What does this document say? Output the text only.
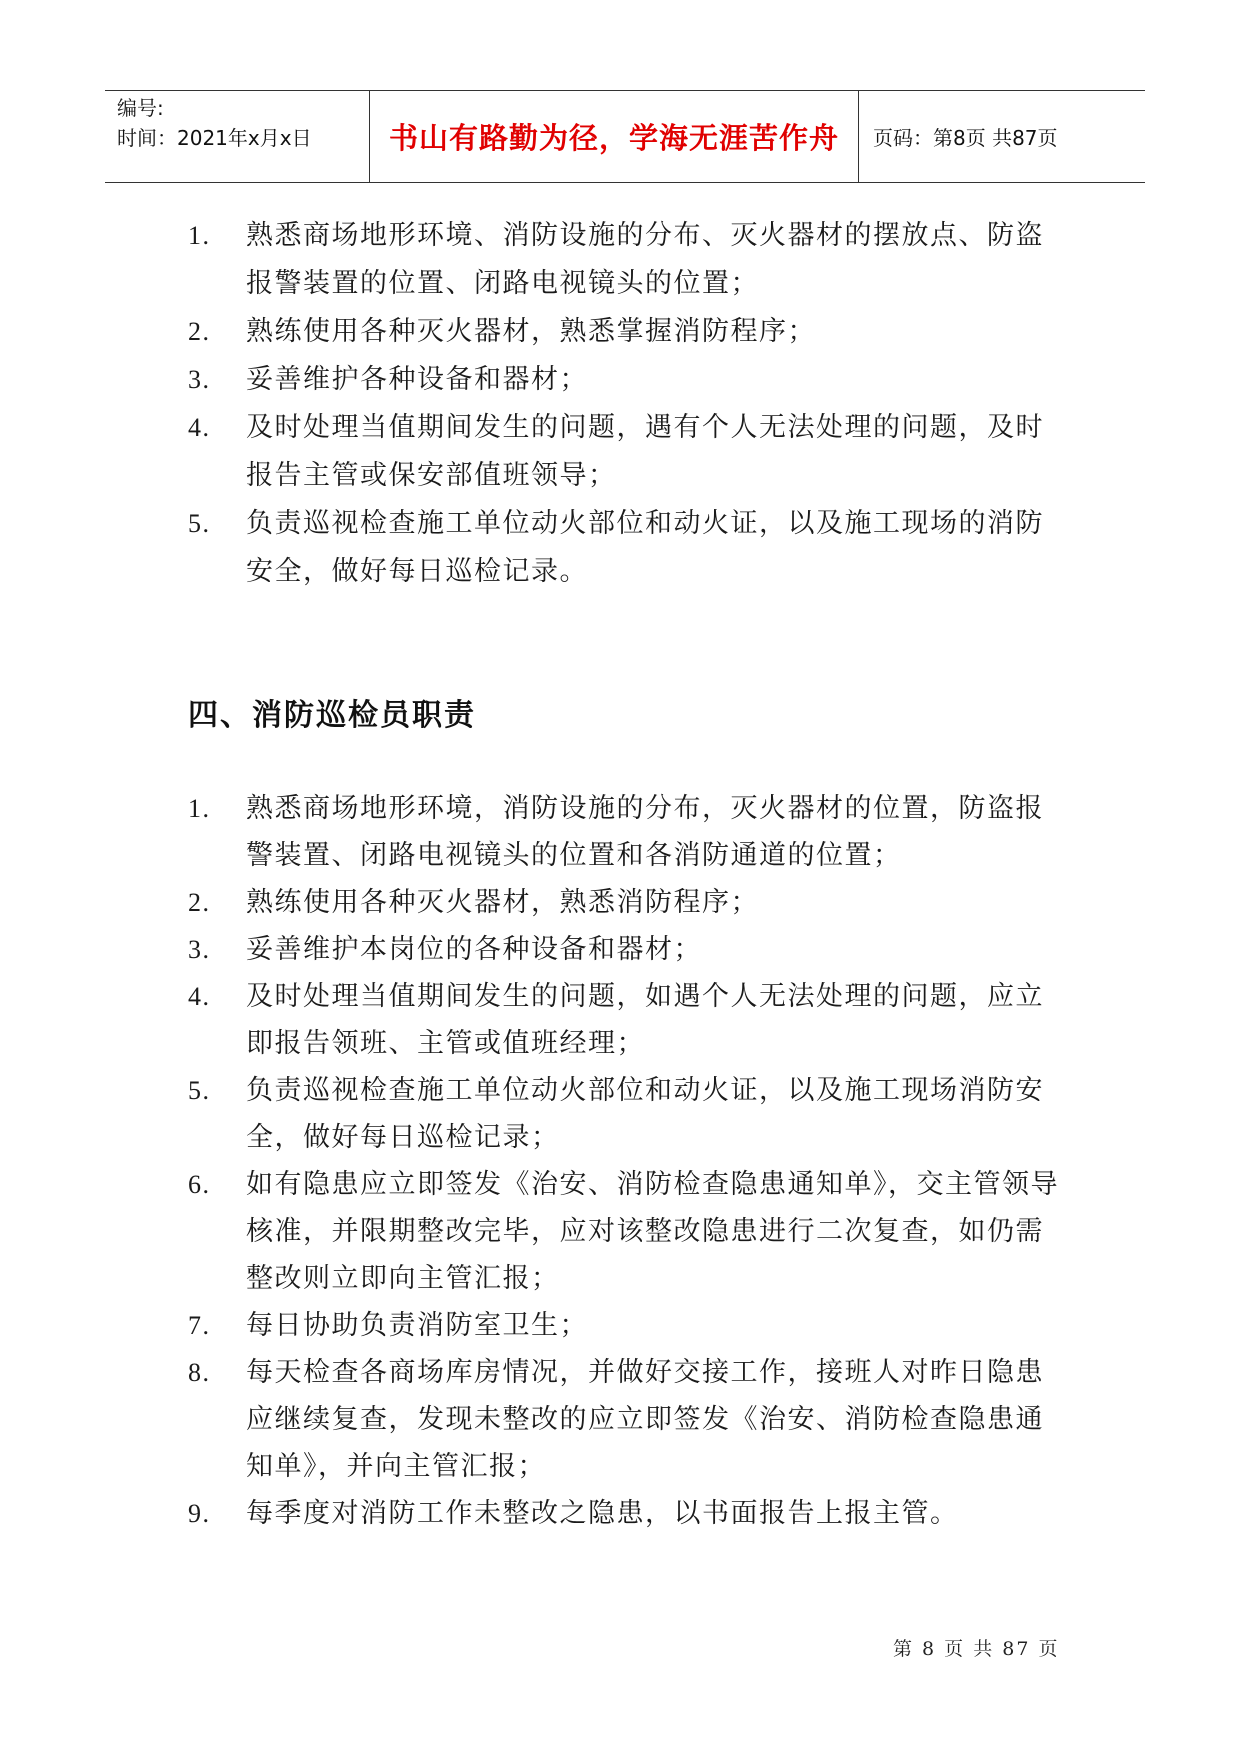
编号:
时间：2021年x月x日	书山有路勤为径，学海无涯苦作舟	页码：第8页 共87页
1. 熟悉商场地形环境、消防设施的分布、灭火器材的摆放点、防盗报警装置的位置、闭路电视镜头的位置；
2. 熟练使用各种灭火器材，熟悉掌握消防程序；
3. 妥善维护各种设备和器材；
4. 及时处理当值期间发生的问题，遇有个人无法处理的问题，及时报告主管或保安部值班领导；
5. 负责巡视检查施工单位动火部位和动火证，以及施工现场的消防安全，做好每日巡检记录。
四、消防巡检员职责
1. 熟悉商场地形环境，消防设施的分布，灭火器材的位置，防盗报警装置、闭路电视镜头的位置和各消防通道的位置；
2. 熟练使用各种灭火器材，熟悉消防程序；
3. 妥善维护本岗位的各种设备和器材；
4. 及时处理当值期间发生的问题，如遇个人无法处理的问题，应立即报告领班、主管或值班经理；
5. 负责巡视检查施工单位动火部位和动火证，以及施工现场消防安全，做好每日巡检记录；
6. 如有隐患应立即签发《治安、消防检查隐患通知单》，交主管领导核准，并限期整改完毕，应对该整改隐患进行二次复查，如仍需整改则立即向主管汇报；
7. 每日协助负责消防室卫生；
8. 每天检查各商场库房情况，并做好交接工作，接班人对昨日隐患应继续复查，发现未整改的应立即签发《治安、消防检查隐患通知单》，并向主管汇报；
9. 每季度对消防工作未整改之隐患，以书面报告上报主管。
第 8 页 共 87 页
